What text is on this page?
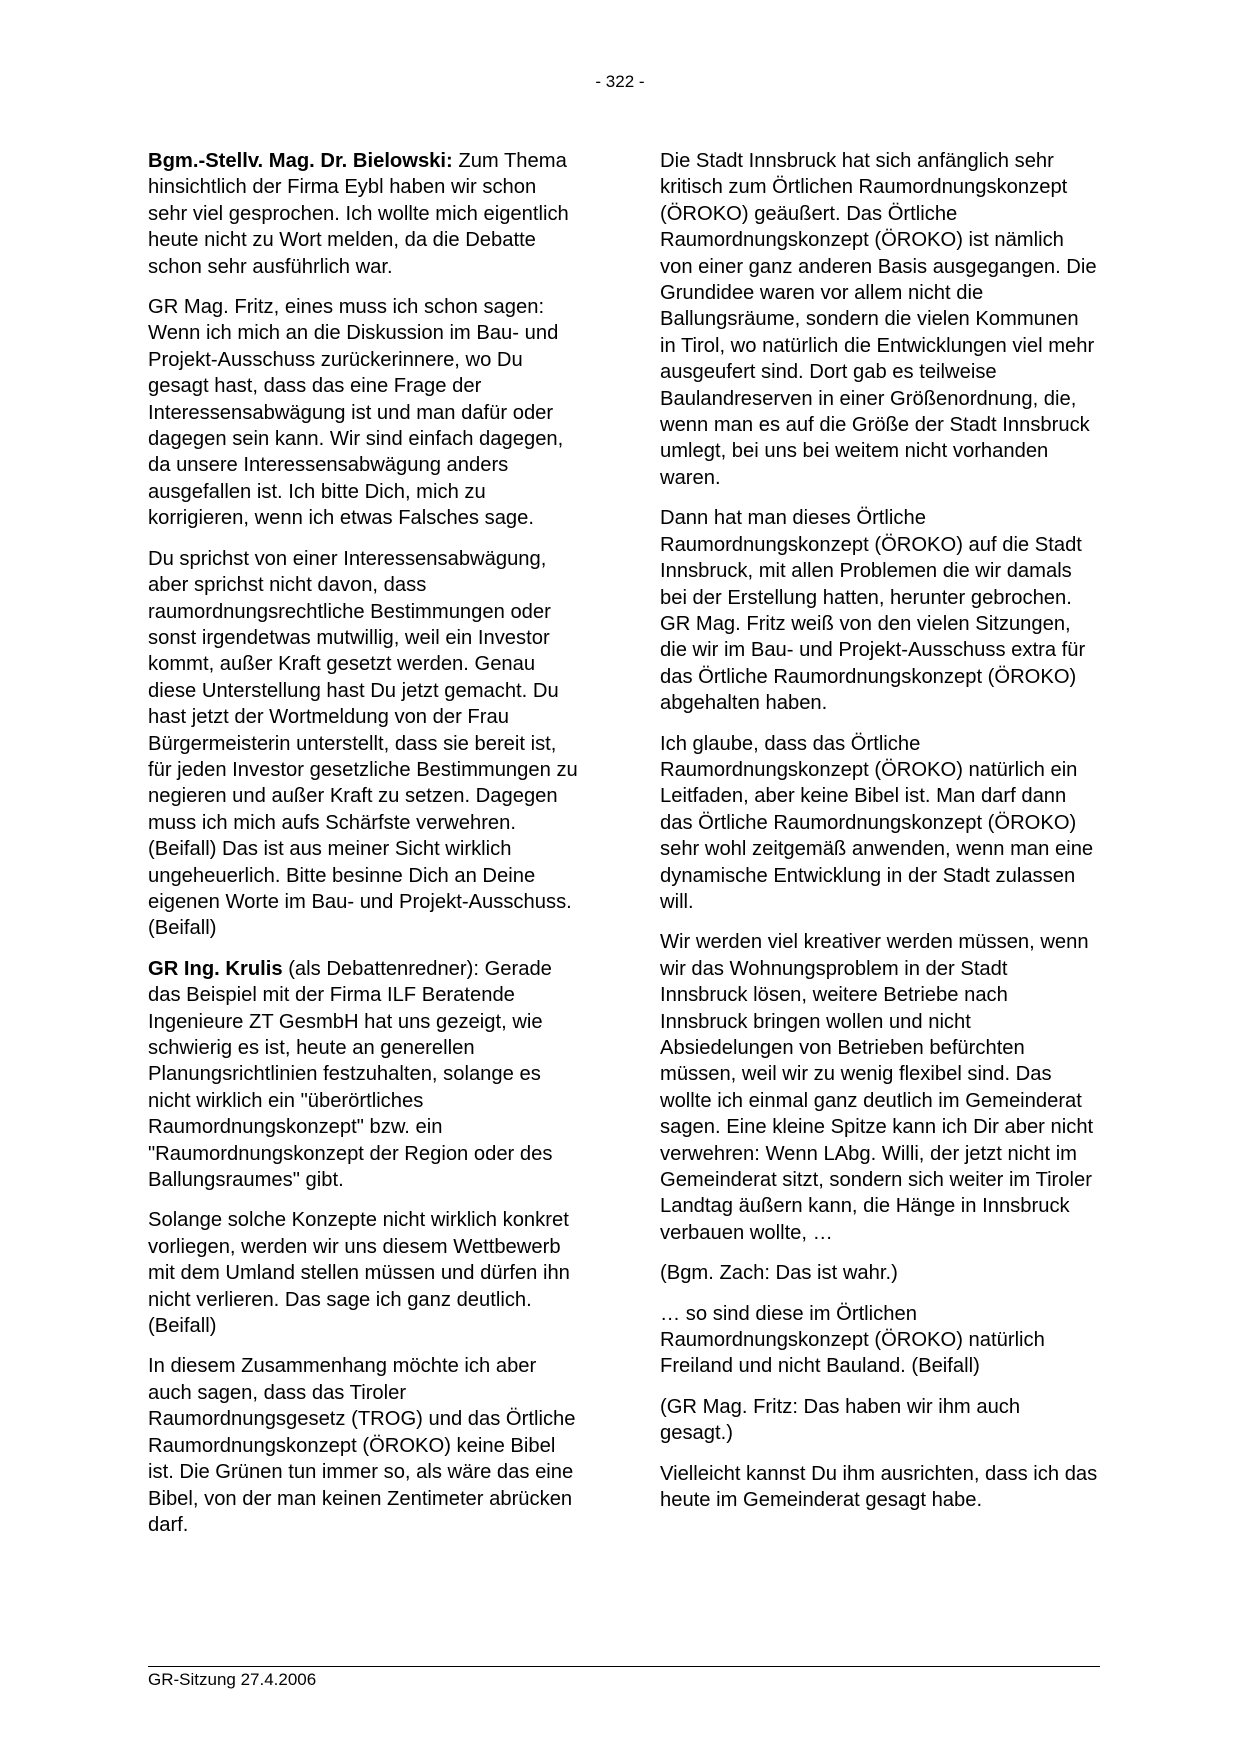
- 322 -

Bgm.-Stellv. Mag. Dr. Bielowski: Zum Thema hinsichtlich der Firma Eybl haben wir schon sehr viel gesprochen. Ich wollte mich eigentlich heute nicht zu Wort melden, da die Debatte schon sehr ausführlich war.

GR Mag. Fritz, eines muss ich schon sagen: Wenn ich mich an die Diskussion im Bau- und Projekt-Ausschuss zurückerinnere, wo Du gesagt hast, dass das eine Frage der Interessensabwägung ist und man dafür oder dagegen sein kann. Wir sind einfach dagegen, da unsere Interessensabwägung anders ausgefallen ist. Ich bitte Dich, mich zu korrigieren, wenn ich etwas Falsches sage.

Du sprichst von einer Interessensabwägung, aber sprichst nicht davon, dass raumordnungsrechtliche Bestimmungen oder sonst irgendetwas mutwillig, weil ein Investor kommt, außer Kraft gesetzt werden. Genau diese Unterstellung hast Du jetzt gemacht. Du hast jetzt der Wortmeldung von der Frau Bürgermeisterin unterstellt, dass sie bereit ist, für jeden Investor gesetzliche Bestimmungen zu negieren und außer Kraft zu setzen. Dagegen muss ich mich aufs Schärfste verwehren. (Beifall) Das ist aus meiner Sicht wirklich ungeheuerlich. Bitte besinne Dich an Deine eigenen Worte im Bau- und Projekt-Ausschuss. (Beifall)

GR Ing. Krulis (als Debattenredner): Gerade das Beispiel mit der Firma ILF Beratende Ingenieure ZT GesmbH hat uns gezeigt, wie schwierig es ist, heute an generellen Planungsrichtlinien festzuhalten, solange es nicht wirklich ein "überörtliches Raumordnungskonzept" bzw. ein "Raumordnungskonzept der Region oder des Ballungsraumes" gibt.

Solange solche Konzepte nicht wirklich konkret vorliegen, werden wir uns diesem Wettbewerb mit dem Umland stellen müssen und dürfen ihn nicht verlieren. Das sage ich ganz deutlich. (Beifall)

In diesem Zusammenhang möchte ich aber auch sagen, dass das Tiroler Raumordnungsgesetz (TROG) und das Örtliche Raumordnungskonzept (ÖROKO) keine Bibel ist. Die Grünen tun immer so, als wäre das eine Bibel, von der man keinen Zentimeter abrücken darf.

Die Stadt Innsbruck hat sich anfänglich sehr kritisch zum Örtlichen Raumordnungskonzept (ÖROKO) geäußert. Das Örtliche Raumordnungskonzept (ÖROKO) ist nämlich von einer ganz anderen Basis ausgegangen. Die Grundidee waren vor allem nicht die Ballungsräume, sondern die vielen Kommunen in Tirol, wo natürlich die Entwicklungen viel mehr ausgeufert sind. Dort gab es teilweise Baulandreserven in einer Größenordnung, die, wenn man es auf die Größe der Stadt Innsbruck umlegt, bei uns bei weitem nicht vorhanden waren.

Dann hat man dieses Örtliche Raumordnungskonzept (ÖROKO) auf die Stadt Innsbruck, mit allen Problemen die wir damals bei der Erstellung hatten, herunter gebrochen. GR Mag. Fritz weiß von den vielen Sitzungen, die wir im Bau- und Projekt-Ausschuss extra für das Örtliche Raumordnungskonzept (ÖROKO) abgehalten haben.

Ich glaube, dass das Örtliche Raumordnungskonzept (ÖROKO) natürlich ein Leitfaden, aber keine Bibel ist. Man darf dann das Örtliche Raumordnungskonzept (ÖROKO) sehr wohl zeitgemäß anwenden, wenn man eine dynamische Entwicklung in der Stadt zulassen will.

Wir werden viel kreativer werden müssen, wenn wir das Wohnungsproblem in der Stadt Innsbruck lösen, weitere Betriebe nach Innsbruck bringen wollen und nicht Absiedelungen von Betrieben befürchten müssen, weil wir zu wenig flexibel sind. Das wollte ich einmal ganz deutlich im Gemeinderat sagen. Eine kleine Spitze kann ich Dir aber nicht verwehren: Wenn LAbg. Willi, der jetzt nicht im Gemeinderat sitzt, sondern sich weiter im Tiroler Landtag äußern kann, die Hänge in Innsbruck verbauen wollte, …

(Bgm. Zach: Das ist wahr.)

… so sind diese im Örtlichen Raumordnungskonzept (ÖROKO) natürlich Freiland und nicht Bauland. (Beifall)

(GR Mag. Fritz: Das haben wir ihm auch gesagt.)

Vielleicht kannst Du ihm ausrichten, dass ich das heute im Gemeinderat gesagt habe.

GR-Sitzung 27.4.2006
